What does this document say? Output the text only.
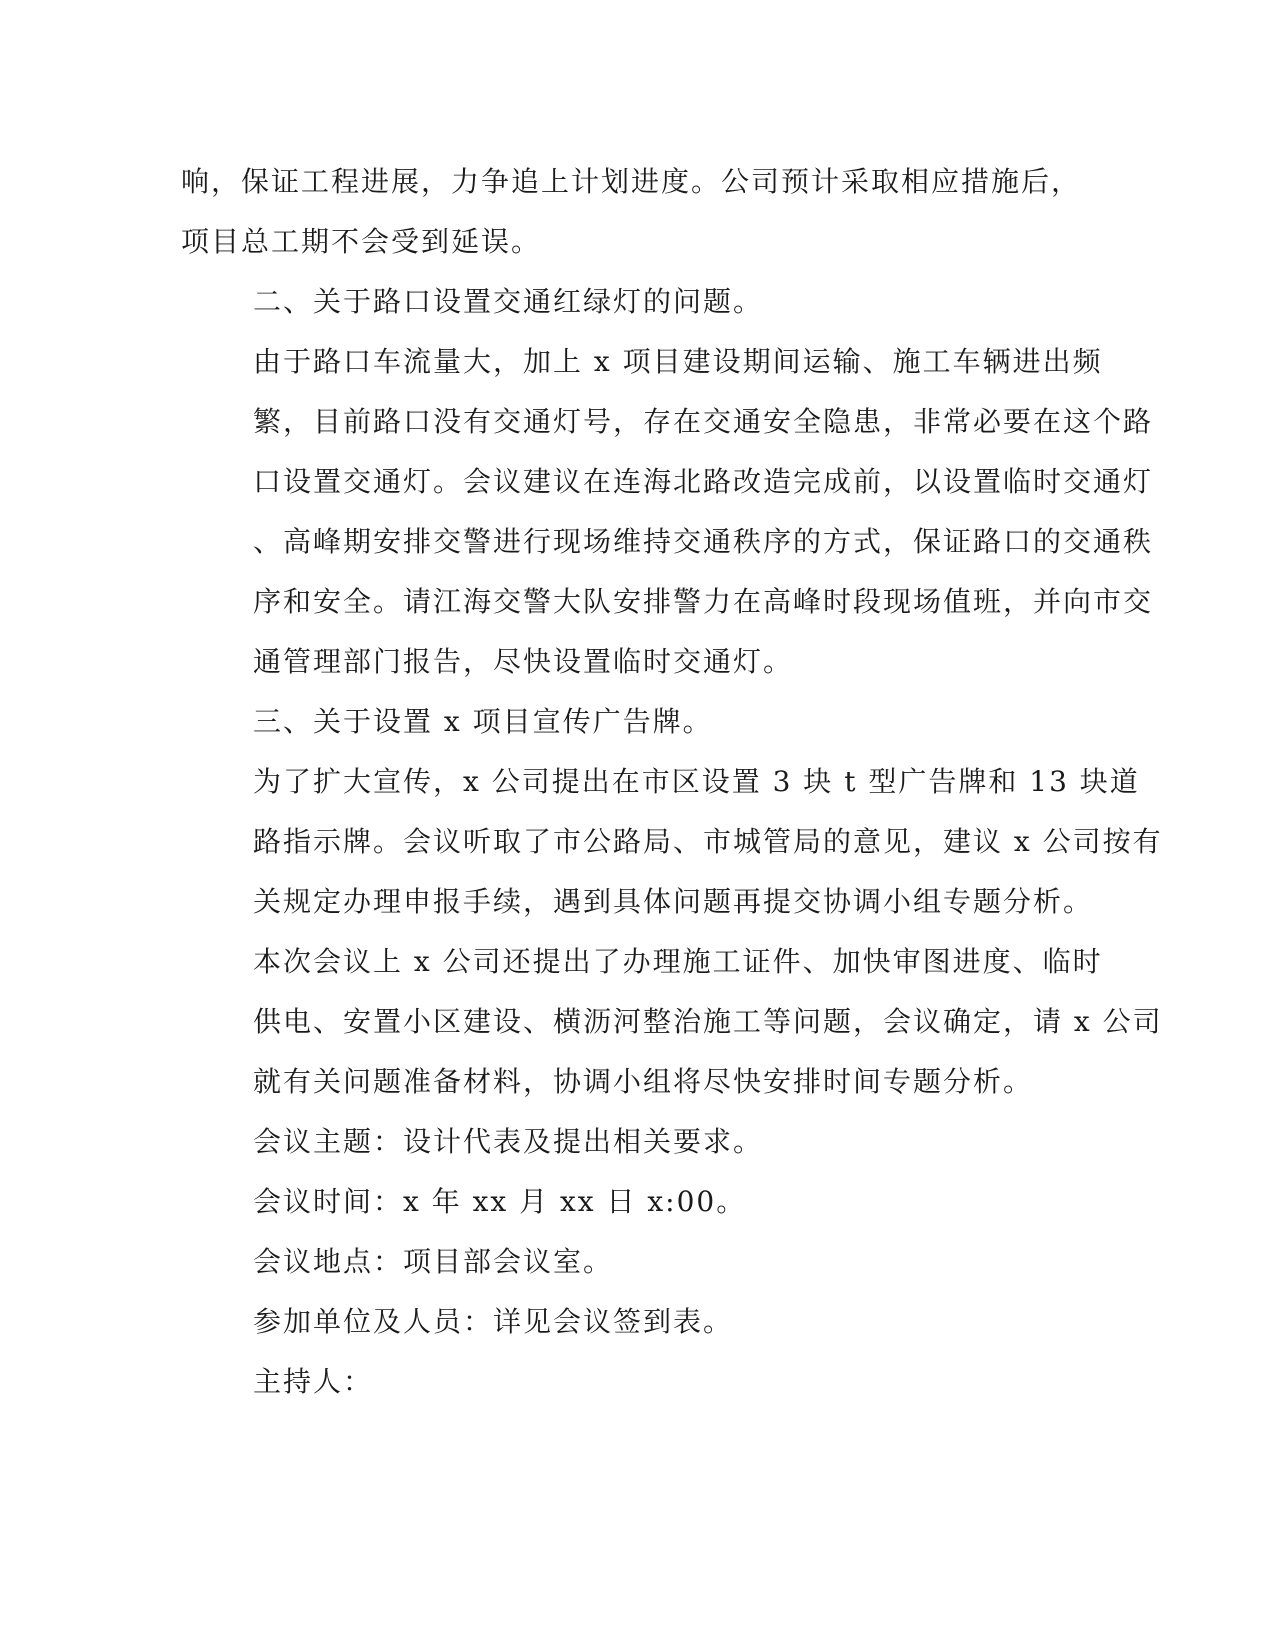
响，保证工程进展，力争追上计划进度。公司预计采取相应措施后，
项目总工期不会受到延误。

二、关于路口设置交通红绿灯的问题。

由于路口车流量大，加上 x 项目建设期间运输、施工车辆进出频
繁，目前路口没有交通灯号，存在交通安全隐患，非常必要在这个路
口设置交通灯。会议建议在连海北路改造完成前，以设置临时交通灯
、高峰期安排交警进行现场维持交通秩序的方式，保证路口的交通秩
序和安全。请江海交警大队安排警力在高峰时段现场值班，并向市交
通管理部门报告，尽快设置临时交通灯。

三、关于设置 x 项目宣传广告牌。

为了扩大宣传，x 公司提出在市区设置 3 块 t 型广告牌和 13 块道
路指示牌。会议听取了市公路局、市城管局的意见，建议 x 公司按有
关规定办理申报手续，遇到具体问题再提交协调小组专题分析。

本次会议上 x 公司还提出了办理施工证件、加快审图进度、临时
供电、安置小区建设、横沥河整治施工等问题，会议确定，请 x 公司
就有关问题准备材料，协调小组将尽快安排时间专题分析。

会议主题：设计代表及提出相关要求。

会议时间：x 年 xx 月 xx 日 x:00。

会议地点：项目部会议室。

参加单位及人员：详见会议签到表。

主持人：
